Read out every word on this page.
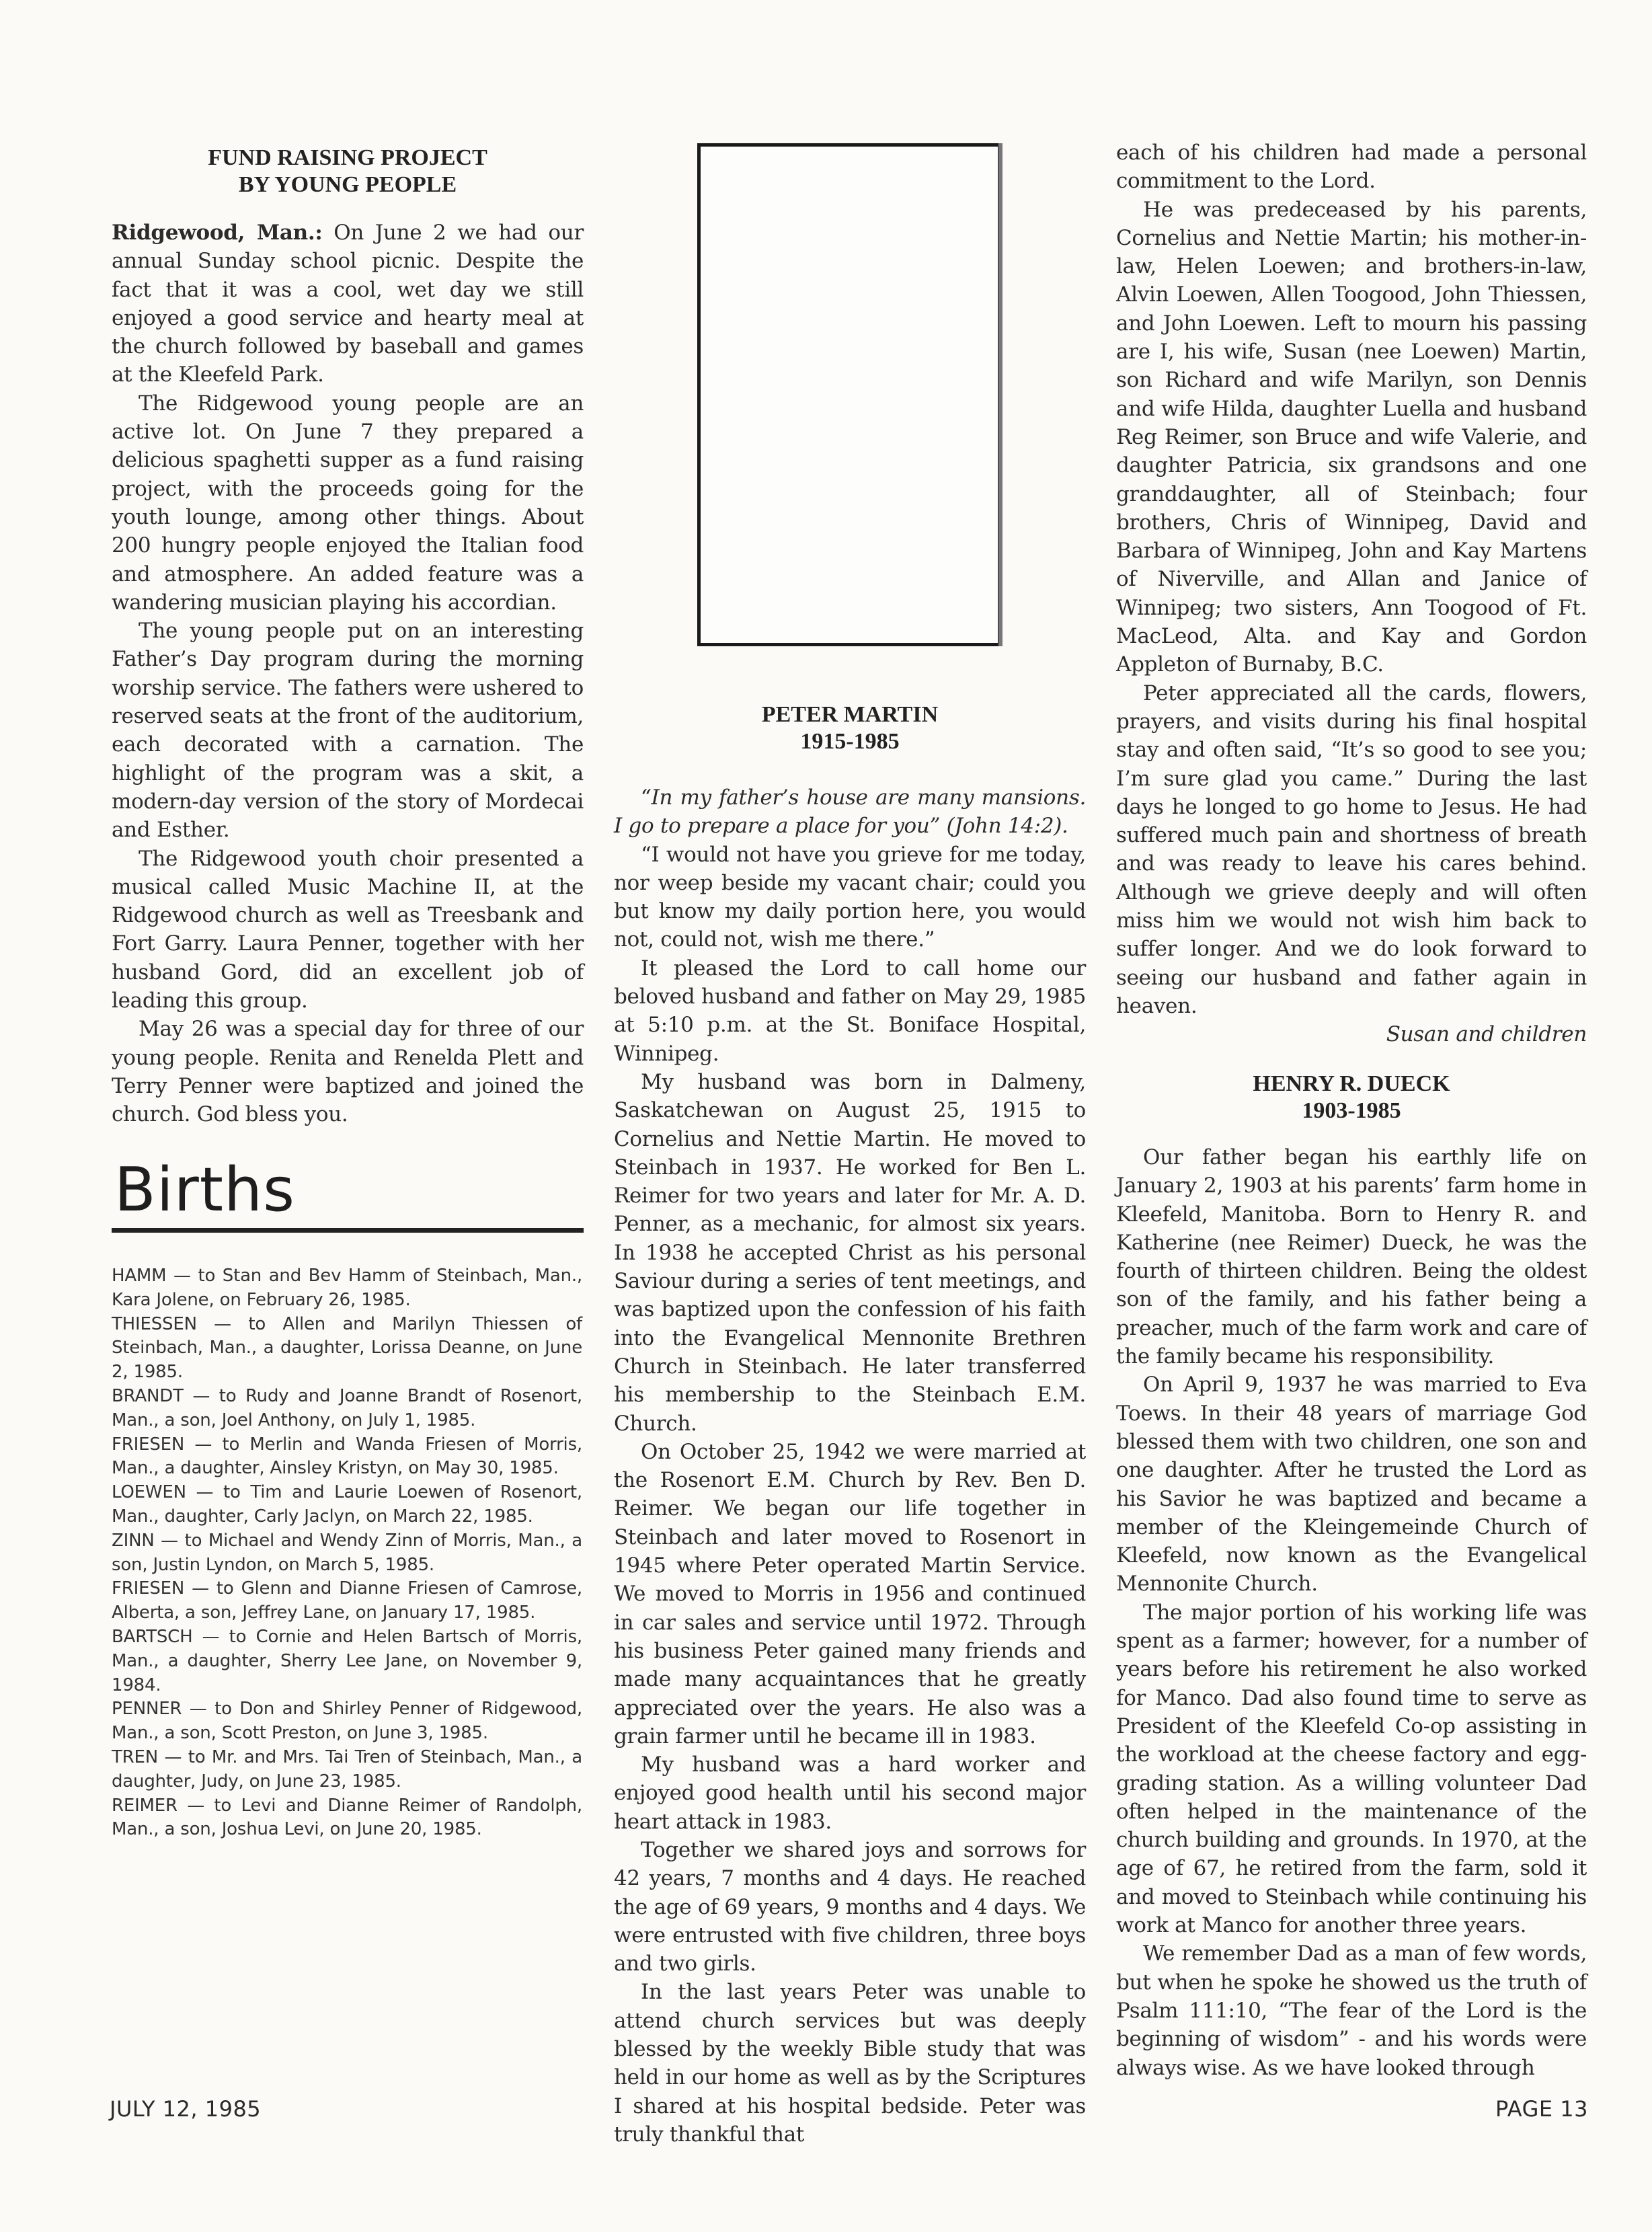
FUND RAISING PROJECT
BY YOUNG PEOPLE

Ridgewood, Man.: On June 2 we had our annual Sunday school picnic. Despite the fact that it was a cool, wet day we still enjoyed a good service and hearty meal at the church followed by baseball and games at the Kleefeld Park.

The Ridgewood young people are an active lot. On June 7 they prepared a delicious spaghetti supper as a fund raising project, with the proceeds going for the youth lounge, among other things. About 200 hungry people enjoyed the Italian food and atmosphere. An added feature was a wandering musician playing his accordian.

The young people put on an interesting Father’s Day program during the morning worship service. The fathers were ushered to reserved seats at the front of the auditorium, each decorated with a carnation. The highlight of the program was a skit, a modern-day version of the story of Mordecai and Esther.

The Ridgewood youth choir presented a musical called Music Machine II, at the Ridgewood church as well as Treesbank and Fort Garry. Laura Penner, together with her husband Gord, did an excellent job of leading this group.

May 26 was a special day for three of our young people. Renita and Renelda Plett and Terry Penner were baptized and joined the church. God bless you.

Births

HAMM — to Stan and Bev Hamm of Steinbach, Man., Kara Jolene, on February 26, 1985.

THIESSEN — to Allen and Marilyn Thiessen of Steinbach, Man., a daughter, Lorissa Deanne, on June 2, 1985.

BRANDT — to Rudy and Joanne Brandt of Rosenort, Man., a son, Joel Anthony, on July 1, 1985.

FRIESEN — to Merlin and Wanda Friesen of Morris, Man., a daughter, Ainsley Kristyn, on May 30, 1985.

LOEWEN — to Tim and Laurie Loewen of Rosenort, Man., daughter, Carly Jaclyn, on March 22, 1985.

ZINN — to Michael and Wendy Zinn of Morris, Man., a son, Justin Lyndon, on March 5, 1985.

FRIESEN — to Glenn and Dianne Friesen of Camrose, Alberta, a son, Jeffrey Lane, on January 17, 1985.

BARTSCH — to Cornie and Helen Bartsch of Morris, Man., a daughter, Sherry Lee Jane, on November 9, 1984.

PENNER — to Don and Shirley Penner of Ridgewood, Man., a son, Scott Preston, on June 3, 1985.

TREN — to Mr. and Mrs. Tai Tren of Steinbach, Man., a daughter, Judy, on June 23, 1985.

REIMER — to Levi and Dianne Reimer of Randolph, Man., a son, Joshua Levi, on June 20, 1985.

PETER MARTIN
1915-1985

“In my father’s house are many mansions. I go to prepare a place for you” (John 14:2).

“I would not have you grieve for me today, nor weep beside my vacant chair; could you but know my daily portion here, you would not, could not, wish me there.”

It pleased the Lord to call home our beloved husband and father on May 29, 1985 at 5:10 p.m. at the St. Boniface Hospital, Winnipeg.

My husband was born in Dalmeny, Saskatchewan on August 25, 1915 to Cornelius and Nettie Martin. He moved to Steinbach in 1937. He worked for Ben L. Reimer for two years and later for Mr. A. D. Penner, as a mechanic, for almost six years. In 1938 he accepted Christ as his personal Saviour during a series of tent meetings, and was baptized upon the confession of his faith into the Evangelical Mennonite Brethren Church in Steinbach. He later transferred his membership to the Steinbach E.M. Church.

On October 25, 1942 we were married at the Rosenort E.M. Church by Rev. Ben D. Reimer. We began our life together in Steinbach and later moved to Rosenort in 1945 where Peter operated Martin Service. We moved to Morris in 1956 and continued in car sales and service until 1972. Through his business Peter gained many friends and made many acquaintances that he greatly appreciated over the years. He also was a grain farmer until he became ill in 1983.

My husband was a hard worker and enjoyed good health until his second major heart attack in 1983.

Together we shared joys and sorrows for 42 years, 7 months and 4 days. He reached the age of 69 years, 9 months and 4 days. We were entrusted with five children, three boys and two girls.

In the last years Peter was unable to attend church services but was deeply blessed by the weekly Bible study that was held in our home as well as by the Scriptures I shared at his hospital bedside. Peter was truly thankful that

each of his children had made a personal commitment to the Lord.

He was predeceased by his parents, Cornelius and Nettie Martin; his mother-in-law, Helen Loewen; and brothers-in-law, Alvin Loewen, Allen Toogood, John Thiessen, and John Loewen. Left to mourn his passing are I, his wife, Susan (nee Loewen) Martin, son Richard and wife Marilyn, son Dennis and wife Hilda, daughter Luella and husband Reg Reimer, son Bruce and wife Valerie, and daughter Patricia, six grandsons and one granddaughter, all of Steinbach; four brothers, Chris of Winnipeg, David and Barbara of Winnipeg, John and Kay Martens of Niverville, and Allan and Janice of Winnipeg; two sisters, Ann Toogood of Ft. MacLeod, Alta. and Kay and Gordon Appleton of Burnaby, B.C.

Peter appreciated all the cards, flowers, prayers, and visits during his final hospital stay and often said, “It’s so good to see you; I’m sure glad you came.” During the last days he longed to go home to Jesus. He had suffered much pain and shortness of breath and was ready to leave his cares behind. Although we grieve deeply and will often miss him we would not wish him back to suffer longer. And we do look forward to seeing our husband and father again in heaven.

Susan and children

HENRY R. DUECK
1903-1985

Our father began his earthly life on January 2, 1903 at his parents’ farm home in Kleefeld, Manitoba. Born to Henry R. and Katherine (nee Reimer) Dueck, he was the fourth of thirteen children. Being the oldest son of the family, and his father being a preacher, much of the farm work and care of the family became his responsibility.

On April 9, 1937 he was married to Eva Toews. In their 48 years of marriage God blessed them with two children, one son and one daughter. After he trusted the Lord as his Savior he was baptized and became a member of the Kleingemeinde Church of Kleefeld, now known as the Evangelical Mennonite Church.

The major portion of his working life was spent as a farmer; however, for a number of years before his retirement he also worked for Manco. Dad also found time to serve as President of the Kleefeld Co-op assisting in the workload at the cheese factory and egg-grading station. As a willing volunteer Dad often helped in the maintenance of the church building and grounds. In 1970, at the age of 67, he retired from the farm, sold it and moved to Steinbach while continuing his work at Manco for another three years.

We remember Dad as a man of few words, but when he spoke he showed us the truth of Psalm 111:10, “The fear of the Lord is the beginning of wisdom” - and his words were always wise. As we have looked through

JULY 12, 1985	PAGE 13
